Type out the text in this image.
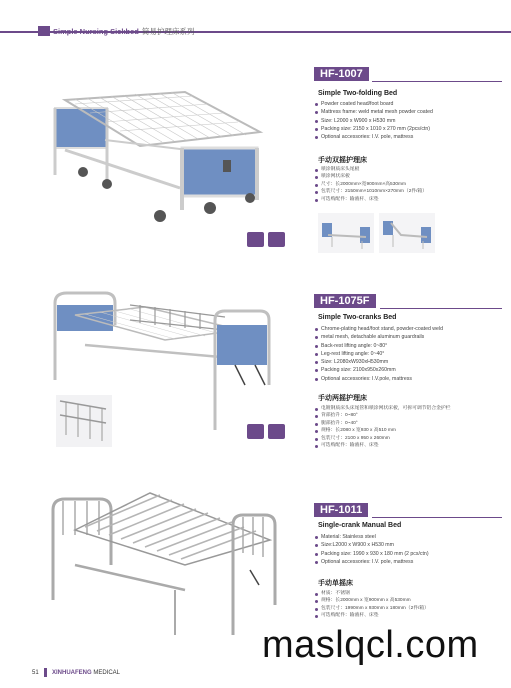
Simple Nursing Sickbed 简易护理床系列
HF-1007
Simple Two-folding Bed
Powder coated head/foot board
Mattress frame: weld metal mesh powder coated
Size: L2000 x W900 x H530 mm
Packing size: 2150 x 1010 x 270 mm (2pcs/ctn)
Optional accessories: I.V. pole, mattress
手动双摇护理床
喷涂钢质床头尾板
喷涂网状床板
尺寸：长2000mm×宽900mm×高530mm
包装尺寸：2150mm×1010mm×270mm（2件/箱）
可选购配件：输液杆、床垫
HF-1075F
Simple Two-cranks Bed
Chrome-plating head/foot stand, powder-coated weld
metal mesh, detachable aluminum guardrails
Back-rest lifting angle: 0~80°
Leg-rest lifting angle: 0~40°
Size: L2080xW930xH530mm
Packing size: 2100x950x260mm
Optional accessories: I.V.pole, mattress
手动两摇护理床
电镀钢质床头床尾管和喷涂网状床板，可拆可调节铝合金护栏
背部抬升：0~80°
腿部抬升：0~40°
规格：长2080 x 宽930 x 高510 mm
包装尺寸：2100 x 950 x 260mm
可选购配件：输液杆、床垫
HF-1011
Single-crank Manual Bed
Material: Stainless steel
Size:L2000 x W900 x H530 mm
Packing size: 1990 x 930 x 180 mm (2 pcs/ctn)
Optional accessories: I.V. pole, mattress
手动单摇床
材质：不锈钢
规格：长2000mm x 宽900mm x 高530mm
包装尺寸：1990mm x 930mm x 180mm（2件/箱）
可选购配件：输液杆、床垫
maslqcl.com
51 XINHUAFENG MEDICAL
